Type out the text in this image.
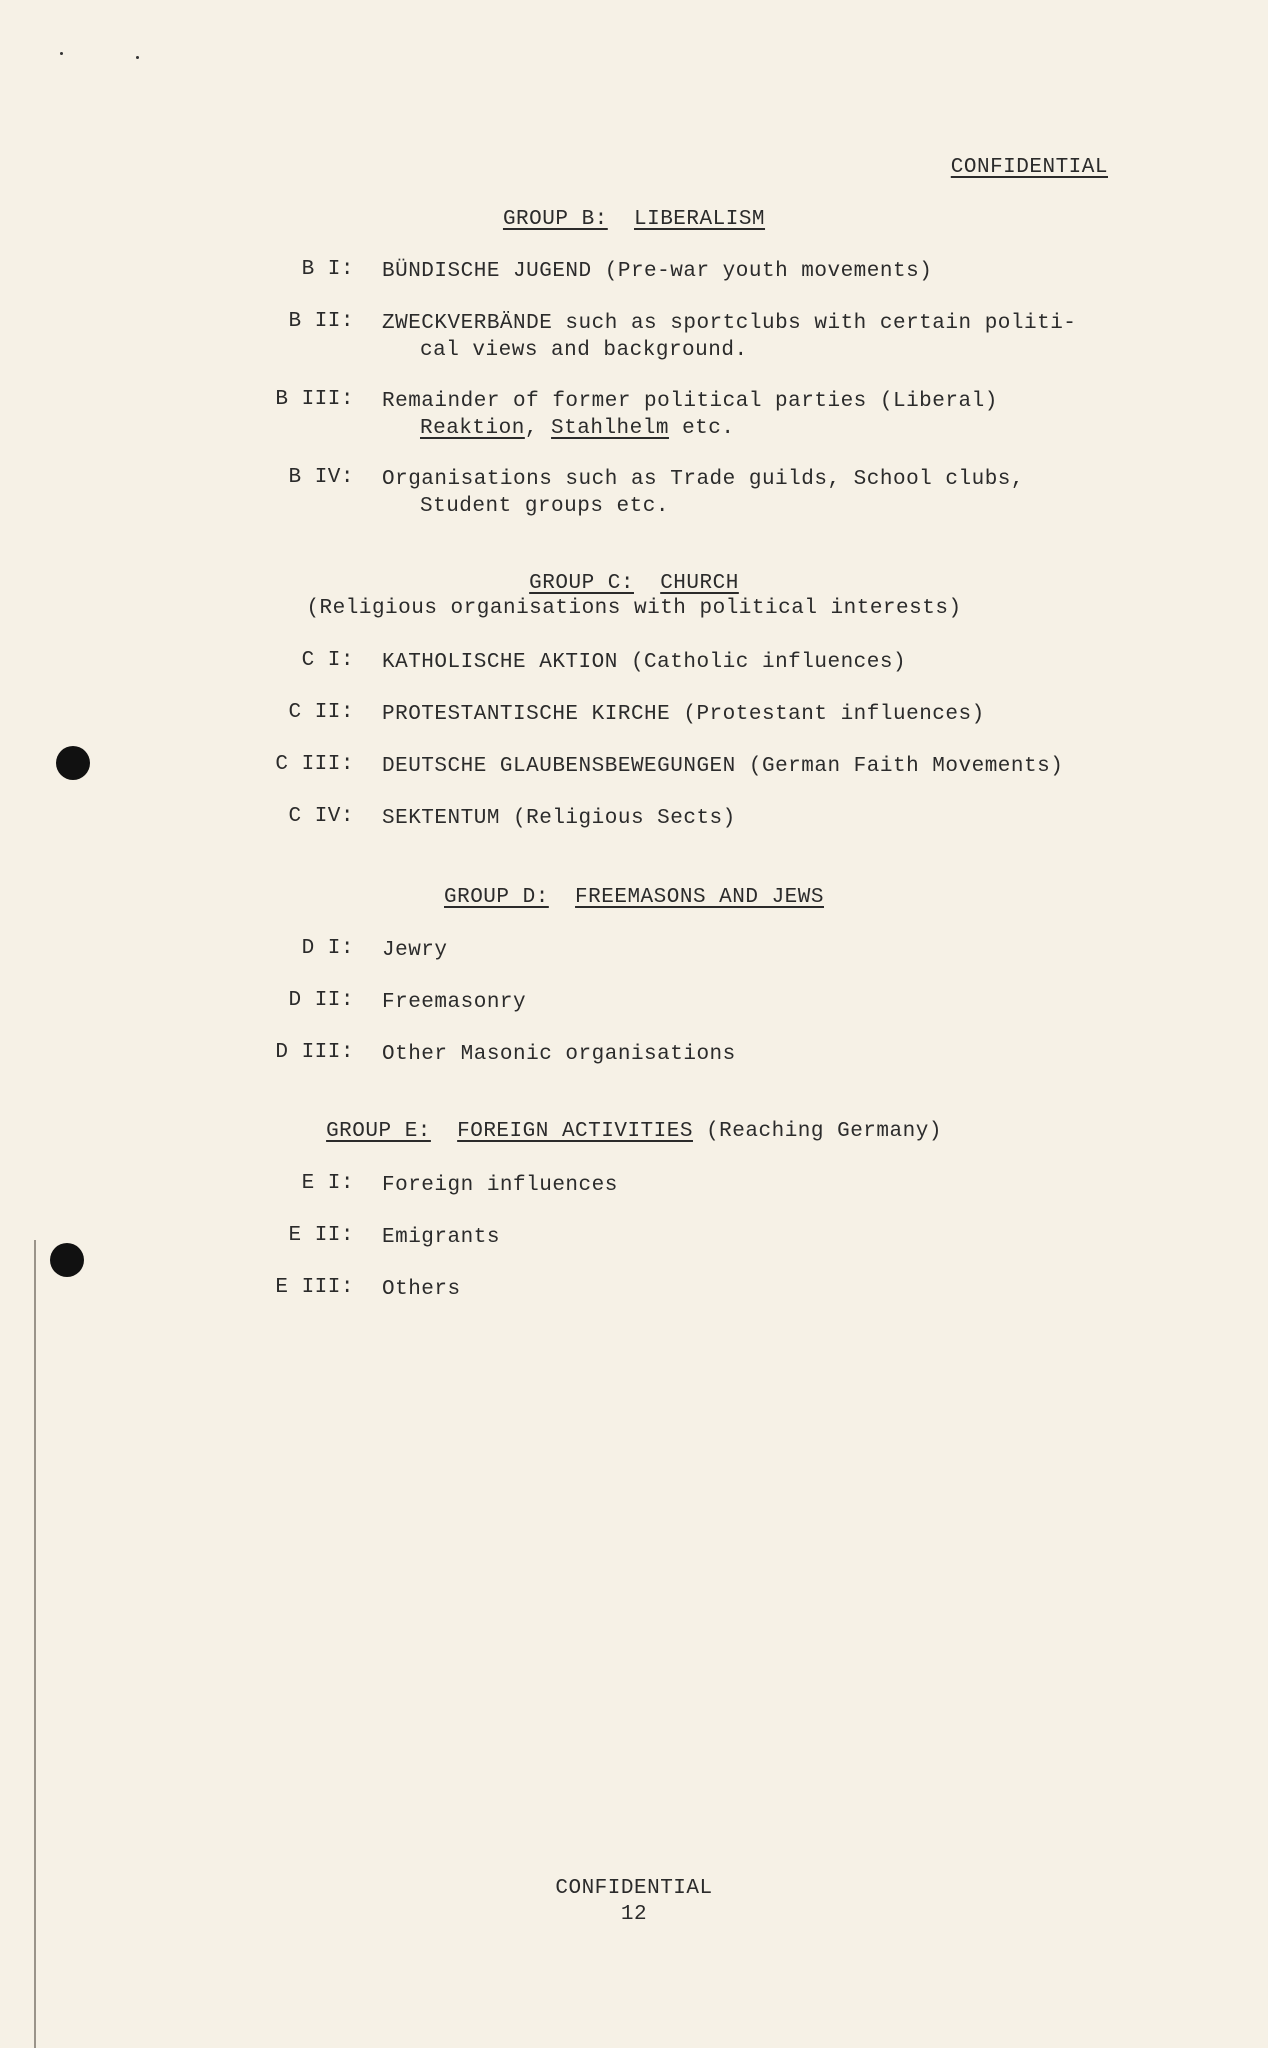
CONFIDENTIAL
GROUP B: LIBERALISM
B I: BÜNDISCHE JUGEND (Pre-war youth movements)
B II: ZWECKVERBÄNDE such as sportclubs with certain politi-
cal views and background.
B III: Remainder of former political parties (Liberal)
Reaktion, Stahlhelm etc.
B IV: Organisations such as Trade guilds, School clubs,
Student groups etc.
GROUP C: CHURCH
(Religious organisations with political interests)
C I: KATHOLISCHE AKTION (Catholic influences)
C II: PROTESTANTISCHE KIRCHE (Protestant influences)
C III: DEUTSCHE GLAUBENSBEWEGUNGEN (German Faith Movements)
C IV: SEKTENTUM (Religious Sects)
GROUP D: FREEMASONS AND JEWS
D I: Jewry
D II: Freemasonry
D III: Other Masonic organisations
GROUP E: FOREIGN ACTIVITIES (Reaching Germany)
E I: Foreign influences
E II: Emigrants
E III: Others
CONFIDENTIAL
12
